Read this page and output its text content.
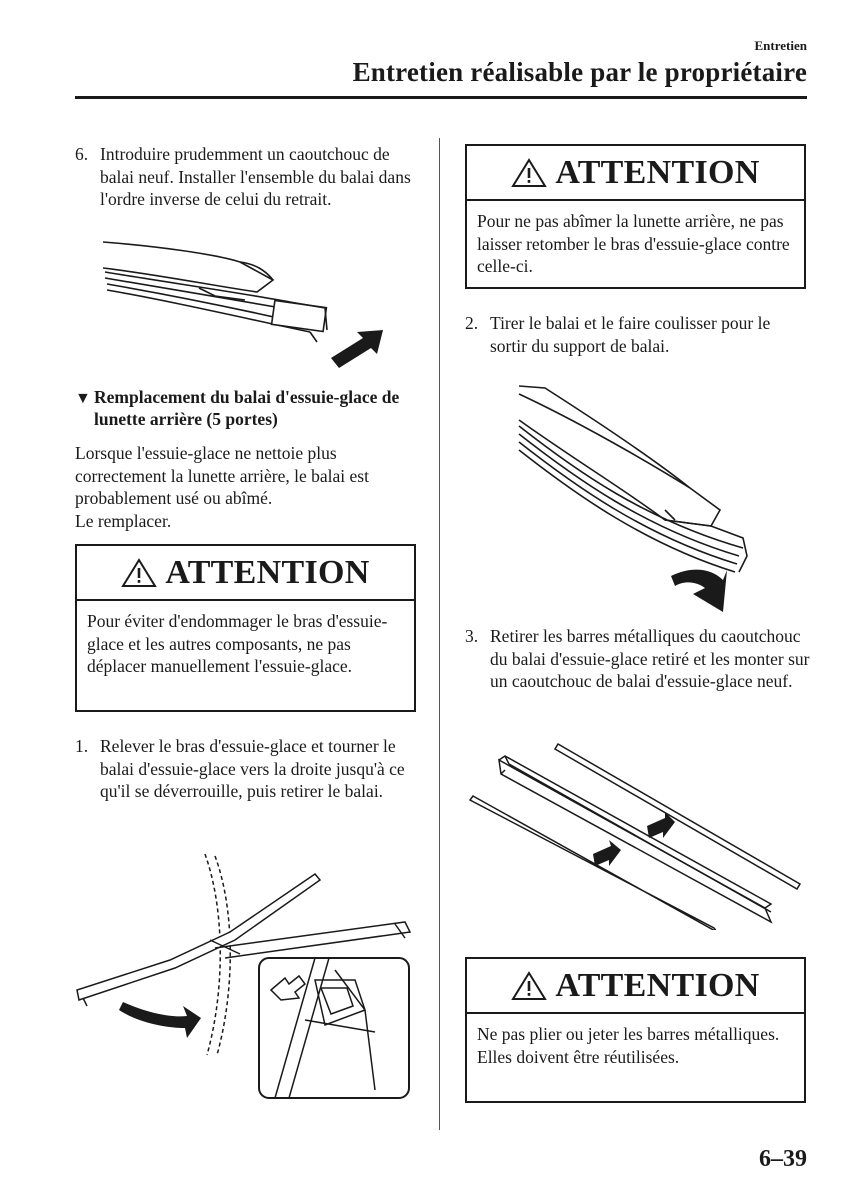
Entretien
Entretien réalisable par le propriétaire
6. Introduire prudemment un caoutchouc de balai neuf. Installer l'ensemble du balai dans l'ordre inverse de celui du retrait.
▼ Remplacement du balai d'essuie-glace de lunette arrière (5 portes)
Lorsque l'essuie-glace ne nettoie plus correctement la lunette arrière, le balai est probablement usé ou abîmé.
Le remplacer.
ATTENTION
Pour éviter d'endommager le bras d'essuie-glace et les autres composants, ne pas déplacer manuellement l'essuie-glace.
1. Relever le bras d'essuie-glace et tourner le balai d'essuie-glace vers la droite jusqu'à ce qu'il se déverrouille, puis retirer le balai.
ATTENTION
Pour ne pas abîmer la lunette arrière, ne pas laisser retomber le bras d'essuie-glace contre celle-ci.
2. Tirer le balai et le faire coulisser pour le sortir du support de balai.
3. Retirer les barres métalliques du caoutchouc du balai d'essuie-glace retiré et les monter sur un caoutchouc de balai d'essuie-glace neuf.
ATTENTION
Ne pas plier ou jeter les barres métalliques. Elles doivent être réutilisées.
6–39
